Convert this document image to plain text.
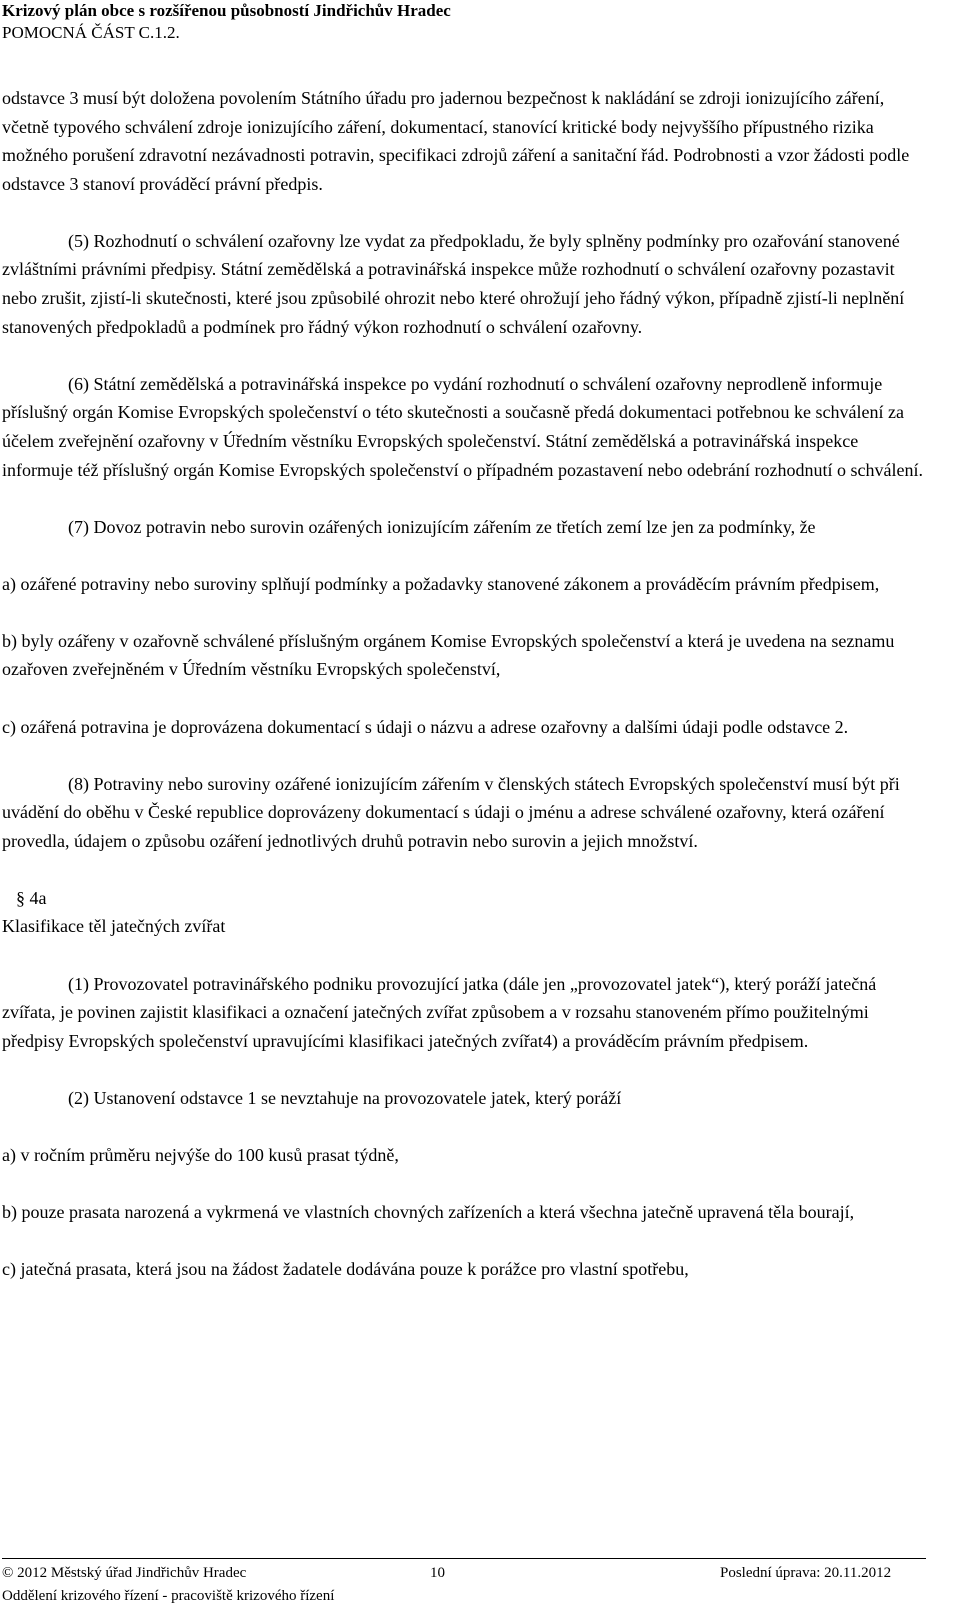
Krizový plán obce s rozšířenou působností Jindřichův Hradec
POMOCNÁ ČÁST C.1.2.

odstavce 3 musí být doložena povolením Státního úřadu pro jadernou bezpečnost k nakládání se zdroji ionizujícího záření, včetně typového schválení zdroje ionizujícího záření, dokumentací, stanovící kritické body nejvyššího přípustného rizika možného porušení zdravotní nezávadnosti potravin, specifikaci zdrojů záření a sanitační řád. Podrobnosti a vzor žádosti podle odstavce 3 stanoví prováděcí právní předpis.

(5) Rozhodnutí o schválení ozařovny lze vydat za předpokladu, že byly splněny podmínky pro ozařování stanovené zvláštními právními předpisy. Státní zemědělská a potravinářská inspekce může rozhodnutí o schválení ozařovny pozastavit nebo zrušit, zjistí-li skutečnosti, které jsou způsobilé ohrozit nebo které ohrožují jeho řádný výkon, případně zjistí-li neplnění stanovených předpokladů a podmínek pro řádný výkon rozhodnutí o schválení ozařovny.

(6) Státní zemědělská a potravinářská inspekce po vydání rozhodnutí o schválení ozařovny neprodleně informuje příslušný orgán Komise Evropských společenství o této skutečnosti a současně předá dokumentaci potřebnou ke schválení za účelem zveřejnění ozařovny v Úředním věstníku Evropských společenství. Státní zemědělská a potravinářská inspekce informuje též příslušný orgán Komise Evropských společenství o případném pozastavení nebo odebrání rozhodnutí o schválení.

(7) Dovoz potravin nebo surovin ozářených ionizujícím zářením ze třetích zemí lze jen za podmínky, že

a) ozářené potraviny nebo suroviny splňují podmínky a požadavky stanovené zákonem a prováděcím právním předpisem,

b) byly ozářeny v ozařovně schválené příslušným orgánem Komise Evropských společenství a která je uvedena na seznamu ozařoven zveřejněném v Úředním věstníku Evropských společenství,

c) ozářená potravina je doprovázena dokumentací s údaji o názvu a adrese ozařovny a dalšími údaji podle odstavce 2.

(8) Potraviny nebo suroviny ozářené ionizujícím zářením v členských státech Evropských společenství musí být při uvádění do oběhu v České republice doprovázeny dokumentací s údaji o jménu a adrese schválené ozařovny, která ozáření provedla, údajem o způsobu ozáření jednotlivých druhů potravin nebo surovin a jejich množství.

§ 4a

Klasifikace těl jatečných zvířat

(1) Provozovatel potravinářského podniku provozující jatka (dále jen „provozovatel jatek“), který poráží jatečná zvířata, je povinen zajistit klasifikaci a označení jatečných zvířat způsobem a v rozsahu stanoveném přímo použitelnými předpisy Evropských společenství upravujícími klasifikaci jatečných zvířat4) a prováděcím právním předpisem.

(2) Ustanovení odstavce 1 se nevztahuje na provozovatele jatek, který poráží

a) v ročním průměru nejvýše do 100 kusů prasat týdně,

b) pouze prasata narozená a vykrmená ve vlastních chovných zařízeních a která všechna jatečně upravená těla bourají,

c) jatečná prasata, která jsou na žádost žadatele dodávána pouze k porážce pro vlastní spotřebu,

© 2012 Městský úřad Jindřichův Hradec	10	Poslední úprava: 20.11.2012
Oddělení krizového řízení - pracoviště krizového řízení
